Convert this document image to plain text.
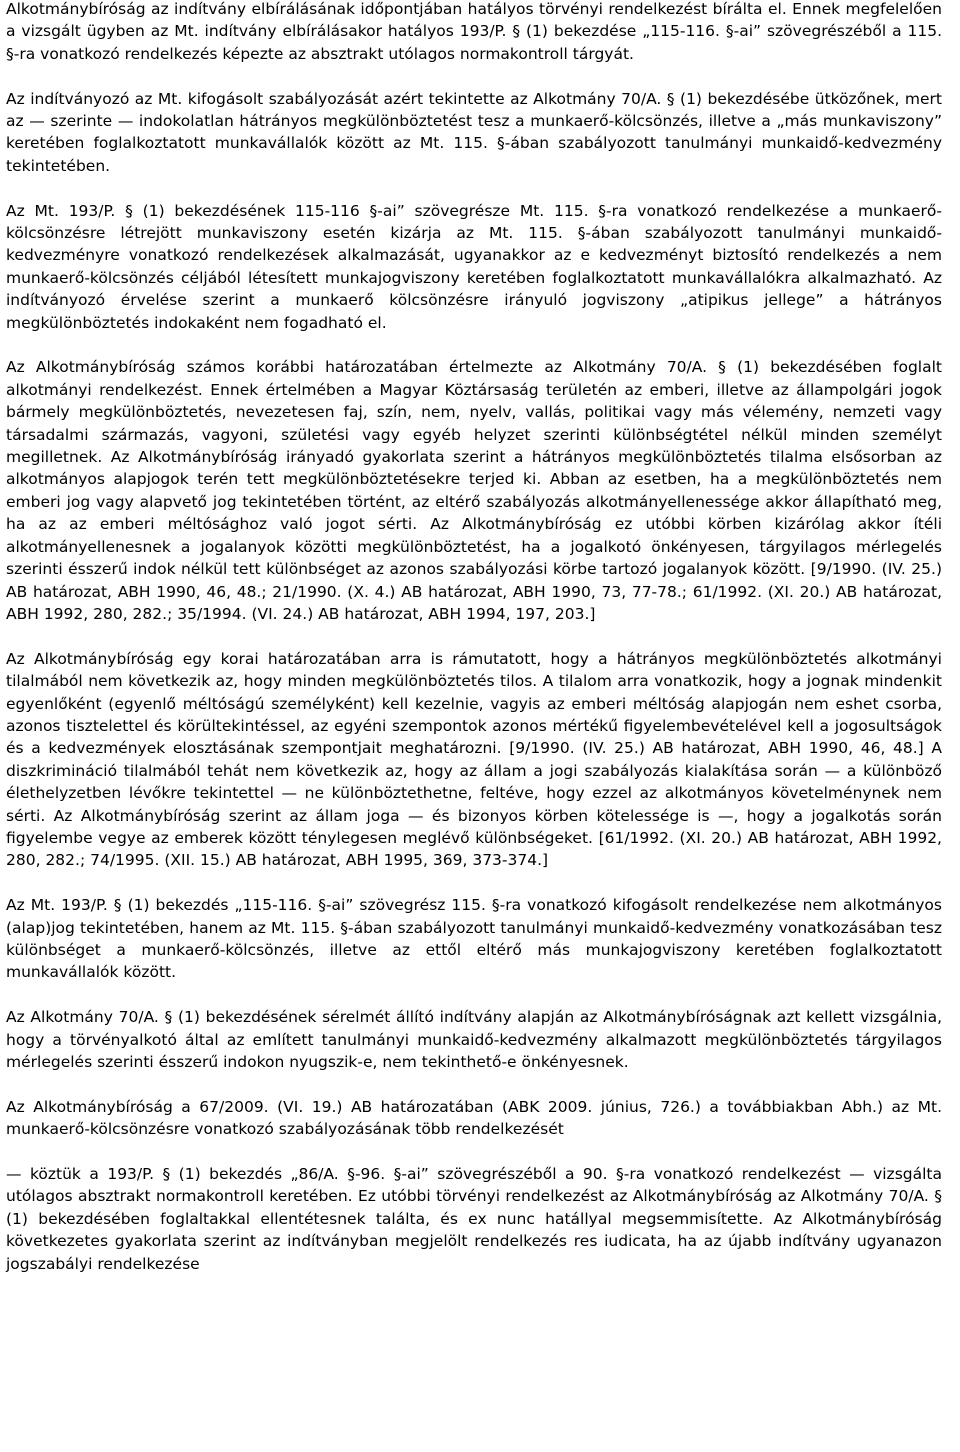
Alkotmánybíróság az indítvány elbírálásának időpontjában hatályos törvényi rendelkezést bírálta el. Ennek megfelelően a vizsgált ügyben az Mt. indítvány elbírálásakor hatályos 193/P. § (1) bekezdése „115-116. §-ai” szövegrészéből a 115. §-ra vonatkozó rendelkezés képezte az absztrakt utólagos normakontroll tárgyát.

Az indítványozó az Mt. kifogásolt szabályozását azért tekintette az Alkotmány 70/A. § (1) bekezdésébe ütközőnek, mert az — szerinte — indokolatlan hátrányos megkülönböztetést tesz a munkaerő-kölcsönzés, illetve a „más munkaviszony” keretében foglalkoztatott munkavállalók között az Mt. 115. §-ában szabályozott tanulmányi munkaidő-kedvezmény tekintetében.

Az Mt. 193/P. § (1) bekezdésének 115-116 §-ai” szövegrésze Mt. 115. §-ra vonatkozó rendelkezése a munkaerő-kölcsönzésre létrejött munkaviszony esetén kizárja az Mt. 115. §-ában szabályozott tanulmányi munkaidő-kedvezményre vonatkozó rendelkezések alkalmazását, ugyanakkor az e kedvezményt biztosító rendelkezés a nem munkaerő-kölcsönzés céljából létesített munkajogviszony keretében foglalkoztatott munkavállalókra alkalmazható. Az indítványozó érvelése szerint a munkaerő kölcsönzésre irányuló jogviszony „atipikus jellege” a hátrányos megkülönböztetés indokaként nem fogadható el.

Az Alkotmánybíróság számos korábbi határozatában értelmezte az Alkotmány 70/A. § (1) bekezdésében foglalt alkotmányi rendelkezést. Ennek értelmében a Magyar Köztársaság területén az emberi, illetve az állampolgári jogok bármely megkülönböztetés, nevezetesen faj, szín, nem, nyelv, vallás, politikai vagy más vélemény, nemzeti vagy társadalmi származás, vagyoni, születési vagy egyéb helyzet szerinti különbségtétel nélkül minden személyt megilletnek. Az Alkotmánybíróság irányadó gyakorlata szerint a hátrányos megkülönböztetés tilalma elsősorban az alkotmányos alapjogok terén tett megkülönböztetésekre terjed ki. Abban az esetben, ha a megkülönböztetés nem emberi jog vagy alapvető jog tekintetében történt, az eltérő szabályozás alkotmányellenessége akkor állapítható meg, ha az az emberi méltósághoz való jogot sérti. Az Alkotmánybíróság ez utóbbi körben kizárólag akkor ítéli alkotmányellenesnek a jogalanyok közötti megkülönböztetést, ha a jogalkotó önkényesen, tárgyilagos mérlegelés szerinti ésszerű indok nélkül tett különbséget az azonos szabályozási körbe tartozó jogalanyok között. [9/1990. (IV. 25.) AB határozat, ABH 1990, 46, 48.; 21/1990. (X. 4.) AB határozat, ABH 1990, 73, 77-78.; 61/1992. (XI. 20.) AB határozat, ABH 1992, 280, 282.; 35/1994. (VI. 24.) AB határozat, ABH 1994, 197, 203.]

Az Alkotmánybíróság egy korai határozatában arra is rámutatott, hogy a hátrányos megkülönböztetés alkotmányi tilalmából nem következik az, hogy minden megkülönböztetés tilos. A tilalom arra vonatkozik, hogy a jognak mindenkit egyenlőként (egyenlő méltóságú személyként) kell kezelnie, vagyis az emberi méltóság alapjogán nem eshet csorba, azonos tisztelettel és körültekintéssel, az egyéni szempontok azonos mértékű figyelembevételével kell a jogosultságok és a kedvezmények elosztásának szempontjait meghatározni. [9/1990. (IV. 25.) AB határozat, ABH 1990, 46, 48.] A diszkrimináció tilalmából tehát nem következik az, hogy az állam a jogi szabályozás kialakítása során — a különböző élethelyzetben lévőkre tekintettel — ne különböztethetne, feltéve, hogy ezzel az alkotmányos követelménynek nem sérti. Az Alkotmánybíróság szerint az állam joga — és bizonyos körben kötelessége is —, hogy a jogalkotás során figyelembe vegye az emberek között ténylegesen meglévő különbségeket. [61/1992. (XI. 20.) AB határozat, ABH 1992, 280, 282.; 74/1995. (XII. 15.) AB határozat, ABH 1995, 369, 373-374.]

Az Mt. 193/P. § (1) bekezdés „115-116. §-ai” szövegrész 115. §-ra vonatkozó kifogásolt rendelkezése nem alkotmányos (alap)jog tekintetében, hanem az Mt. 115. §-ában szabályozott tanulmányi munkaidő-kedvezmény vonatkozásában tesz különbséget a munkaerő-kölcsönzés, illetve az ettől eltérő más munkajogviszony keretében foglalkoztatott munkavállalók között.

Az Alkotmány 70/A. § (1) bekezdésének sérelmét állító indítvány alapján az Alkotmánybíróságnak azt kellett vizsgálnia, hogy a törvényalkotó által az említett tanulmányi munkaidő-kedvezmény alkalmazott megkülönböztetés tárgyilagos mérlegelés szerinti ésszerű indokon nyugszik-e, nem tekinthető-e önkényesnek.

Az Alkotmánybíróság a 67/2009. (VI. 19.) AB határozatában (ABK 2009. június, 726.) a továbbiakban Abh.) az Mt. munkaerő-kölcsönzésre vonatkozó szabályozásának több rendelkezését

— köztük a 193/P. § (1) bekezdés „86/A. §-96. §-ai” szövegrészéből a 90. §-ra vonatkozó rendelkezést — vizsgálta utólagos absztrakt normakontroll keretében. Ez utóbbi törvényi rendelkezést az Alkotmánybíróság az Alkotmány 70/A. § (1) bekezdésében foglaltakkal ellentétesnek találta, és ex nunc hatállyal megsemmisítette. Az Alkotmánybíróság következetes gyakorlata szerint az indítványban megjelölt rendelkezés res iudicata, ha az újabb indítvány ugyanazon jogszabályi rendelkezése
